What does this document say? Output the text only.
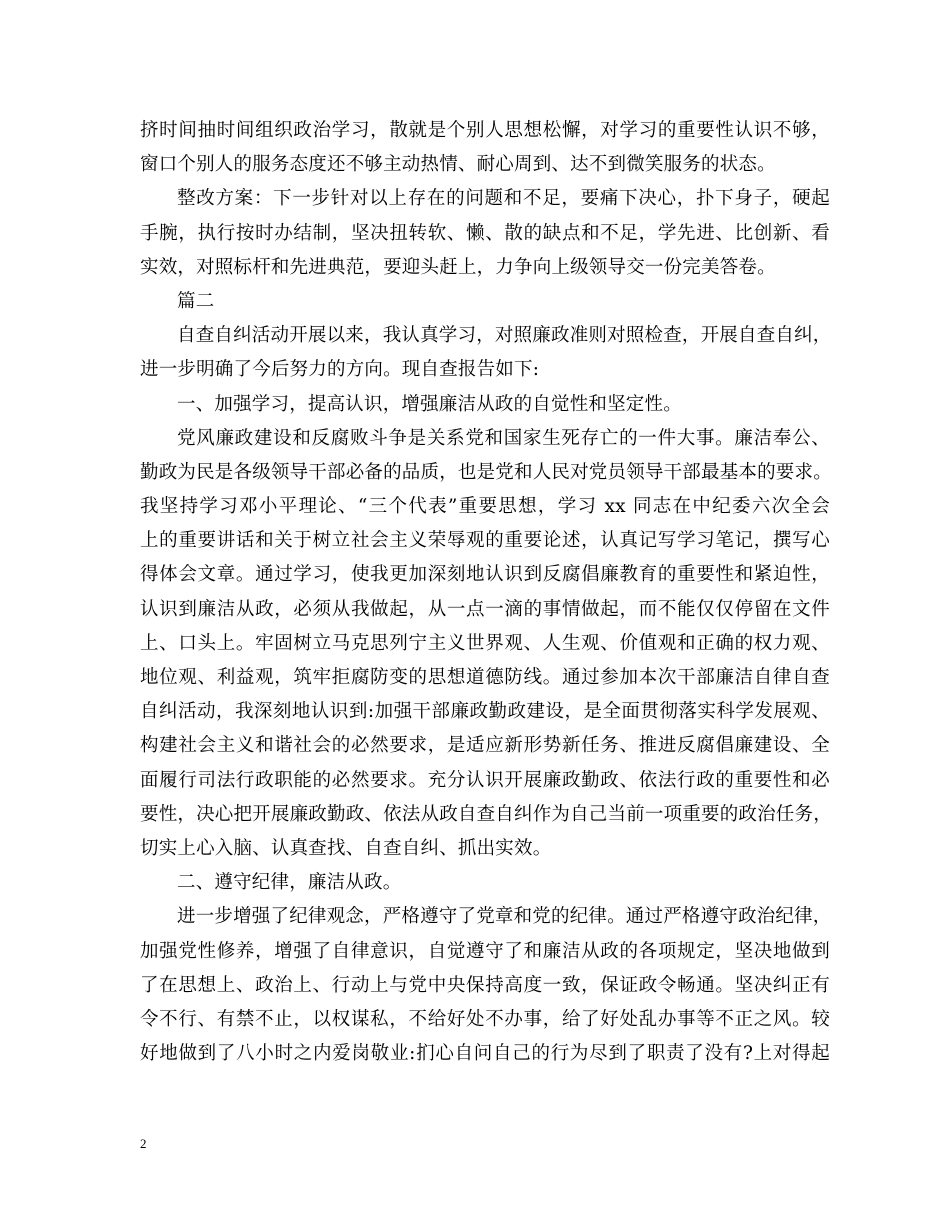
挤时间抽时间组织政治学习，散就是个别人思想松懈，对学习的重要性认识不够，
窗口个别人的服务态度还不够主动热情、耐心周到、达不到微笑服务的状态。
整改方案：下一步针对以上存在的问题和不足，要痛下决心，扑下身子，硬起
手腕，执行按时办结制，坚决扭转软、懒、散的缺点和不足，学先进、比创新、看
实效，对照标杆和先进典范，要迎头赶上，力争向上级领导交一份完美答卷。
篇二
自查自纠活动开展以来，我认真学习，对照廉政准则对照检查，开展自查自纠，
进一步明确了今后努力的方向。现自查报告如下:
一、加强学习，提高认识，增强廉洁从政的自觉性和坚定性。
党风廉政建设和反腐败斗争是关系党和国家生死存亡的一件大事。廉洁奉公、
勤政为民是各级领导干部必备的品质，也是党和人民对党员领导干部最基本的要求。
我坚持学习邓小平理论、“三个代表”重要思想，学习 xx 同志在中纪委六次全会
上的重要讲话和关于树立社会主义荣辱观的重要论述，认真记写学习笔记，撰写心
得体会文章。通过学习，使我更加深刻地认识到反腐倡廉教育的重要性和紧迫性，
认识到廉洁从政，必须从我做起，从一点一滴的事情做起，而不能仅仅停留在文件
上、口头上。牢固树立马克思列宁主义世界观、人生观、价值观和正确的权力观、
地位观、利益观，筑牢拒腐防变的思想道德防线。通过参加本次干部廉洁自律自查
自纠活动，我深刻地认识到:加强干部廉政勤政建设，是全面贯彻落实科学发展观、
构建社会主义和谐社会的必然要求，是适应新形势新任务、推进反腐倡廉建设、全
面履行司法行政职能的必然要求。充分认识开展廉政勤政、依法行政的重要性和必
要性，决心把开展廉政勤政、依法从政自查自纠作为自己当前一项重要的政治任务，
切实上心入脑、认真查找、自查自纠、抓出实效。
二、遵守纪律，廉洁从政。
进一步增强了纪律观念，严格遵守了党章和党的纪律。通过严格遵守政治纪律，
加强党性修养，增强了自律意识，自觉遵守了和廉洁从政的各项规定，坚决地做到
了在思想上、政治上、行动上与党中央保持高度一致，保证政令畅通。坚决纠正有
令不行、有禁不止，以权谋私，不给好处不办事，给了好处乱办事等不正之风。较
好地做到了八小时之内爱岗敬业:扪心自问自己的行为尽到了职责了没有?上对得起
2
